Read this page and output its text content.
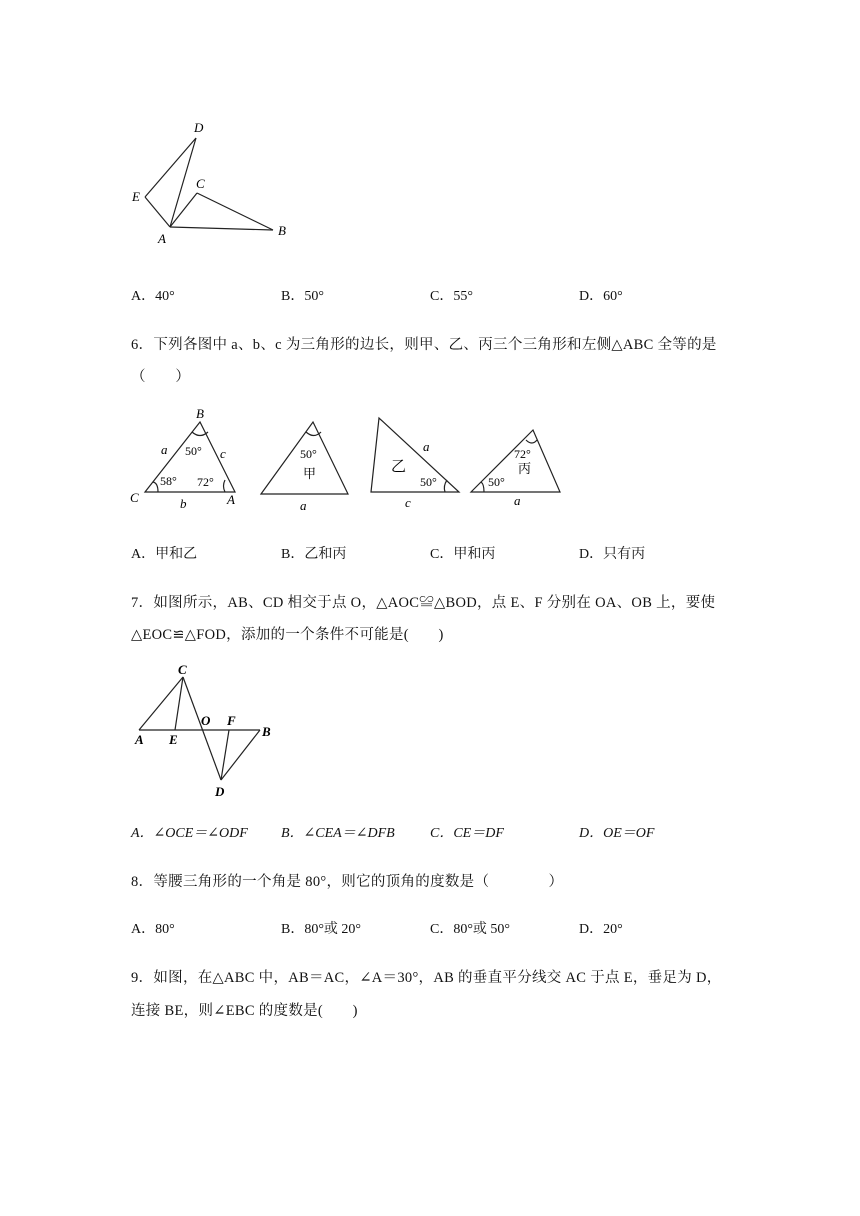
D
E
C
A
B
A．40°	B．50°	C．55°	D．60°
6．下列各图中 a、b、c 为三角形的边长，则甲、乙、丙三个三角形和左侧△ABC 全等的是
（　　）
B
C	A
a	c
b
50°
58° 72°
50°
甲
a
乙
a
50°
c
72°
丙
50°
a
A．甲和乙	B．乙和丙	C．甲和丙	D．只有丙
7．如图所示，AB、CD 相交于点 O，△AOC≌△BOD，点 E、F 分别在 OA、OB 上，要使
△EOC≌△FOD，添加的一个条件不可能是(　　)
C
A E
O F
B
D
A．∠OCE＝∠ODF B．∠CEA＝∠DFB	C．CE＝DF	D．OE＝OF
8．等腰三角形的一个角是 80°，则它的顶角的度数是（　　　　）
A．80°	B．80°或 20°	C．80°或 50°	D．20°
9．如图，在△ABC 中，AB＝AC，∠A＝30°，AB 的垂直平分线交 AC 于点 E，垂足为 D，
连接 BE，则∠EBC 的度数是(　　)
